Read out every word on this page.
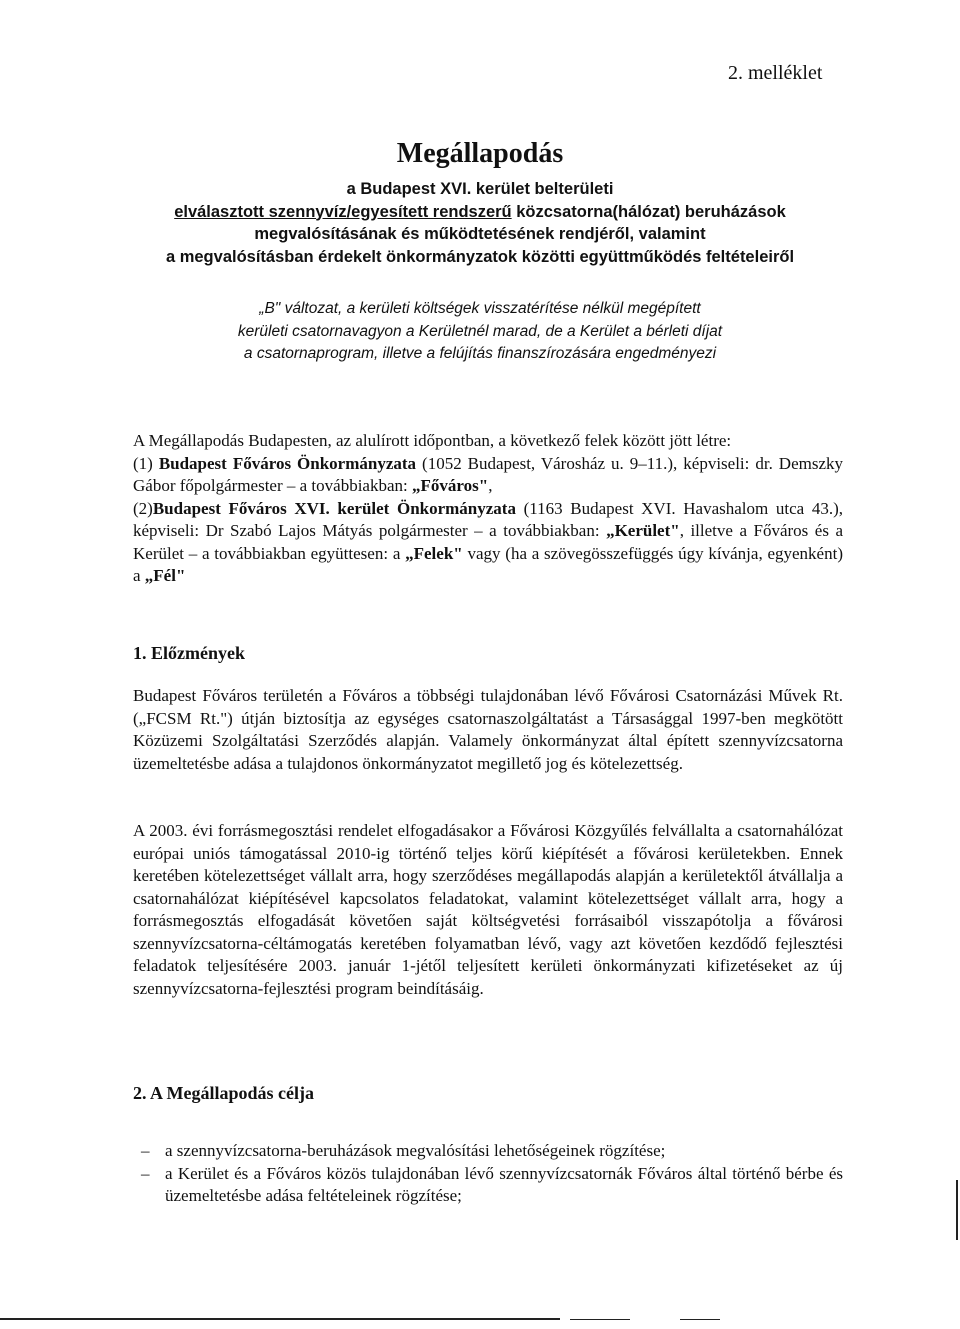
2. melléklet
Megállapodás
a Budapest XVI. kerület belterületi
elválasztott szennyvíz/egyesített rendszerű közcsatorna(hálózat) beruházások
megvalósításának és működtetésének rendjéről, valamint
a megvalósításban érdekelt önkormányzatok közötti együttműködés feltételeiről
„B" változat, a kerületi költségek visszatérítése nélkül megépített
kerületi csatornavagyon a Kerületnél marad, de a Kerület a bérleti díjat
a csatornaprogram, illetve a felújítás finanszírozására engedményezi

A Megállapodás Budapesten, az alulírott időpontban, a következő felek között jött létre:

(1) Budapest Főváros Önkormányzata (1052 Budapest, Városház u. 9–11.), képviseli: dr. Demszky Gábor főpolgármester – a továbbiakban: „Főváros",

(2)Budapest Főváros XVI. kerület Önkormányzata (1163 Budapest XVI. Havashalom utca 43.), képviseli: Dr Szabó Lajos Mátyás polgármester – a továbbiakban: „Kerület", illetve a Főváros és a Kerület – a továbbiakban együttesen: a „Felek" vagy (ha a szövegösszefüggés úgy kívánja, egyenként) a „Fél"

1. Előzmények
Budapest Főváros területén a Főváros a többségi tulajdonában lévő Fővárosi Csatornázási Művek Rt. („FCSM Rt.") útján biztosítja az egységes csatornaszolgáltatást a Társasággal 1997-ben megkötött Közüzemi Szolgáltatási Szerződés alapján. Valamely önkormányzat által épített szennyvízcsatorna üzemeltetésbe adása a tulajdonos önkormányzatot megillető jog és kötelezettség.
A 2003. évi forrásmegosztási rendelet elfogadásakor a Fővárosi Közgyűlés felvállalta a csatornahálózat európai uniós támogatással 2010-ig történő teljes körű kiépítését a fővárosi kerületekben. Ennek keretében kötelezettséget vállalt arra, hogy szerződéses megállapodás alapján a kerületektől átvállalja a csatornahálózat kiépítésével kapcsolatos feladatokat, valamint kötelezettséget vállalt arra, hogy a forrásmegosztás elfogadását követően saját költségvetési forrásaiból visszapótolja a fővárosi szennyvízcsatorna-céltámogatás keretében folyamatban lévő, vagy azt követően kezdődő fejlesztési feladatok teljesítésére 2003. január 1-jétől teljesített kerületi önkormányzati kifizetéseket az új szennyvízcsatorna-fejlesztési program beindításáig.
2. A Megállapodás célja
– a szennyvízcsatorna-beruházások megvalósítási lehetőségeinek rögzítése;
– a Kerület és a Főváros közös tulajdonában lévő szennyvízcsatornák Főváros által történő bérbe és üzemeltetésbe adása feltételeinek rögzítése;
